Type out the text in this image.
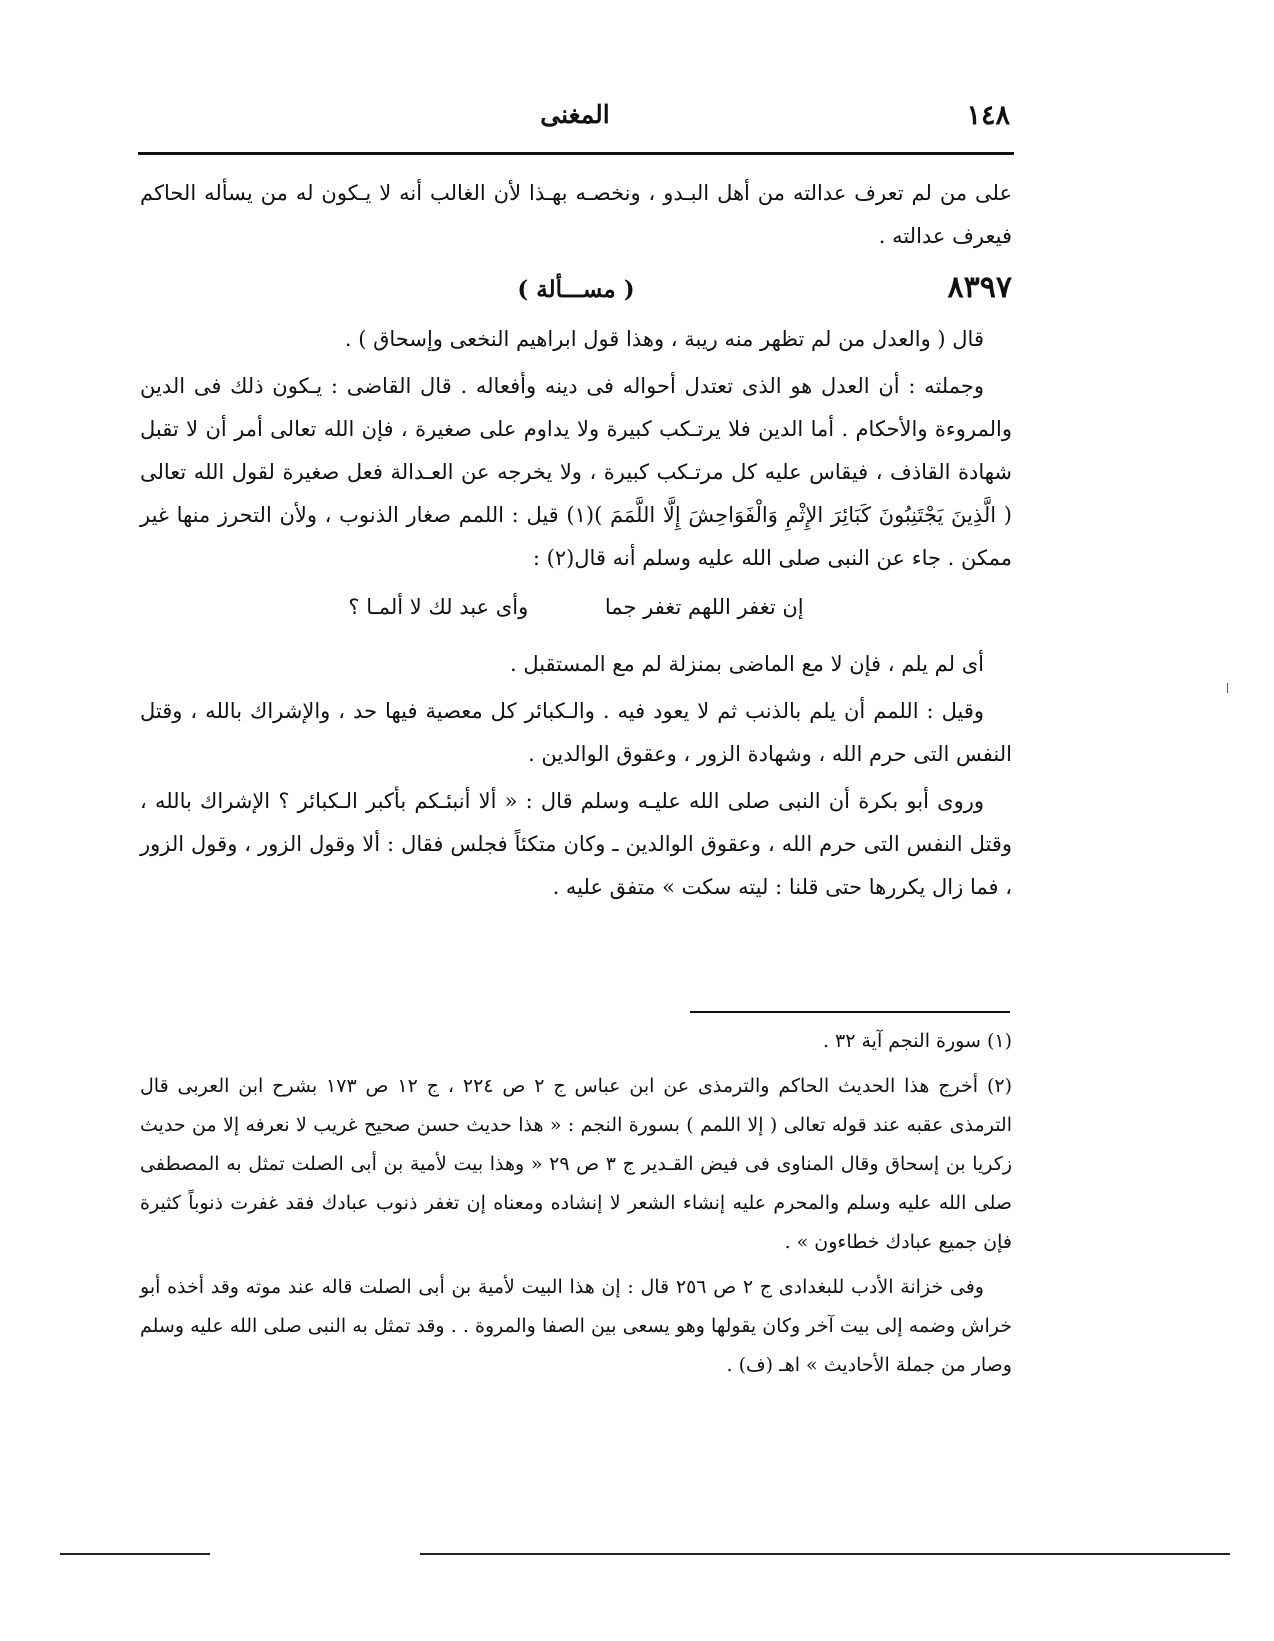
١٤٨
المغنى

على من لم تعرف عدالته من أهل البـدو ، ونخصـه بهـذا لأن الغالب أنه لا يـكون له من يسأله الحاكم فيعرف عدالته .

٨٣٩٧
( مســـألة )

قال ( والعدل من لم تظهر منه ريبة ، وهذا قول ابراهيم النخعى وإسحاق ) .

وجملته : أن العدل هو الذى تعتدل أحواله فى دينه وأفعاله . قال القاضى : يـكون ذلك فى الدين والمروءة والأحكام . أما الدين فلا يرتـكب كبيرة ولا يداوم على صغيرة ، فإن الله تعالى أمر أن لا تقبل شهادة القاذف ، فيقاس عليه كل مرتـكب كبيرة ، ولا يخرجه عن العـدالة فعل صغيرة لقول الله تعالى ( الَّذِينَ يَجْتَنِبُونَ كَبَائِرَ الإِثْمِ وَالْفَوَاحِشَ إِلَّا اللَّمَمَ )(١) قيل : اللمم صغار الذنوب ، ولأن التحرز منها غير ممكن . جاء عن النبى صلى الله عليه وسلم أنه قال(٢) :

إن تغفر اللهم تغفر جما وأى عبد لك لا ألمـا ؟

أى لم يلم ، فإن لا مع الماضى بمنزلة لم مع المستقبل .

وقيل : اللمم أن يلم بالذنب ثم لا يعود فيه . والـكبائر كل معصية فيها حد ، والإشراك بالله ، وقتل النفس التى حرم الله ، وشهادة الزور ، وعقوق الوالدين .

وروى أبو بكرة أن النبى صلى الله عليـه وسلم قال : « ألا أنبئـكم بأكبر الـكبائر ؟ الإشراك بالله ، وقتل النفس التى حرم الله ، وعقوق الوالدين ـ وكان متكئاً فجلس فقال : ألا وقول الزور ، وقول الزور ، فما زال يكررها حتى قلنا : ليته سكت » متفق عليه .

(١) سورة النجم آية ٣٢ .

(٢) أخرج هذا الحديث الحاكم والترمذى عن ابن عباس ج ٢ ص ٢٢٤ ، ج ١٢ ص ١٧٣ بشرح ابن العربى قال الترمذى عقبه عند قوله تعالى ( إلا اللمم ) بسورة النجم : « هذا حديث حسن صحيح غريب لا نعرفه إلا من حديث زكريا بن إسحاق وقال المناوى فى فيض القـدير ج ٣ ص ٢٩ « وهذا بيت لأمية بن أبى الصلت تمثل به المصطفى صلى الله عليه وسلم والمحرم عليه إنشاء الشعر لا إنشاده ومعناه إن تغفر ذنوب عبادك فقد غفرت ذنوباً كثيرة فإن جميع عبادك خطاءون » .

وفى خزانة الأدب للبغدادى ج ٢ ص ٢٥٦ قال : إن هذا البيت لأمية بن أبى الصلت قاله عند موته وقد أخذه أبو خراش وضمه إلى بيت آخر وكان يقولها وهو يسعى بين الصفا والمروة . . وقد تمثل به النبى صلى الله عليه وسلم وصار من جملة الأحاديث » اهـ (ف) .
